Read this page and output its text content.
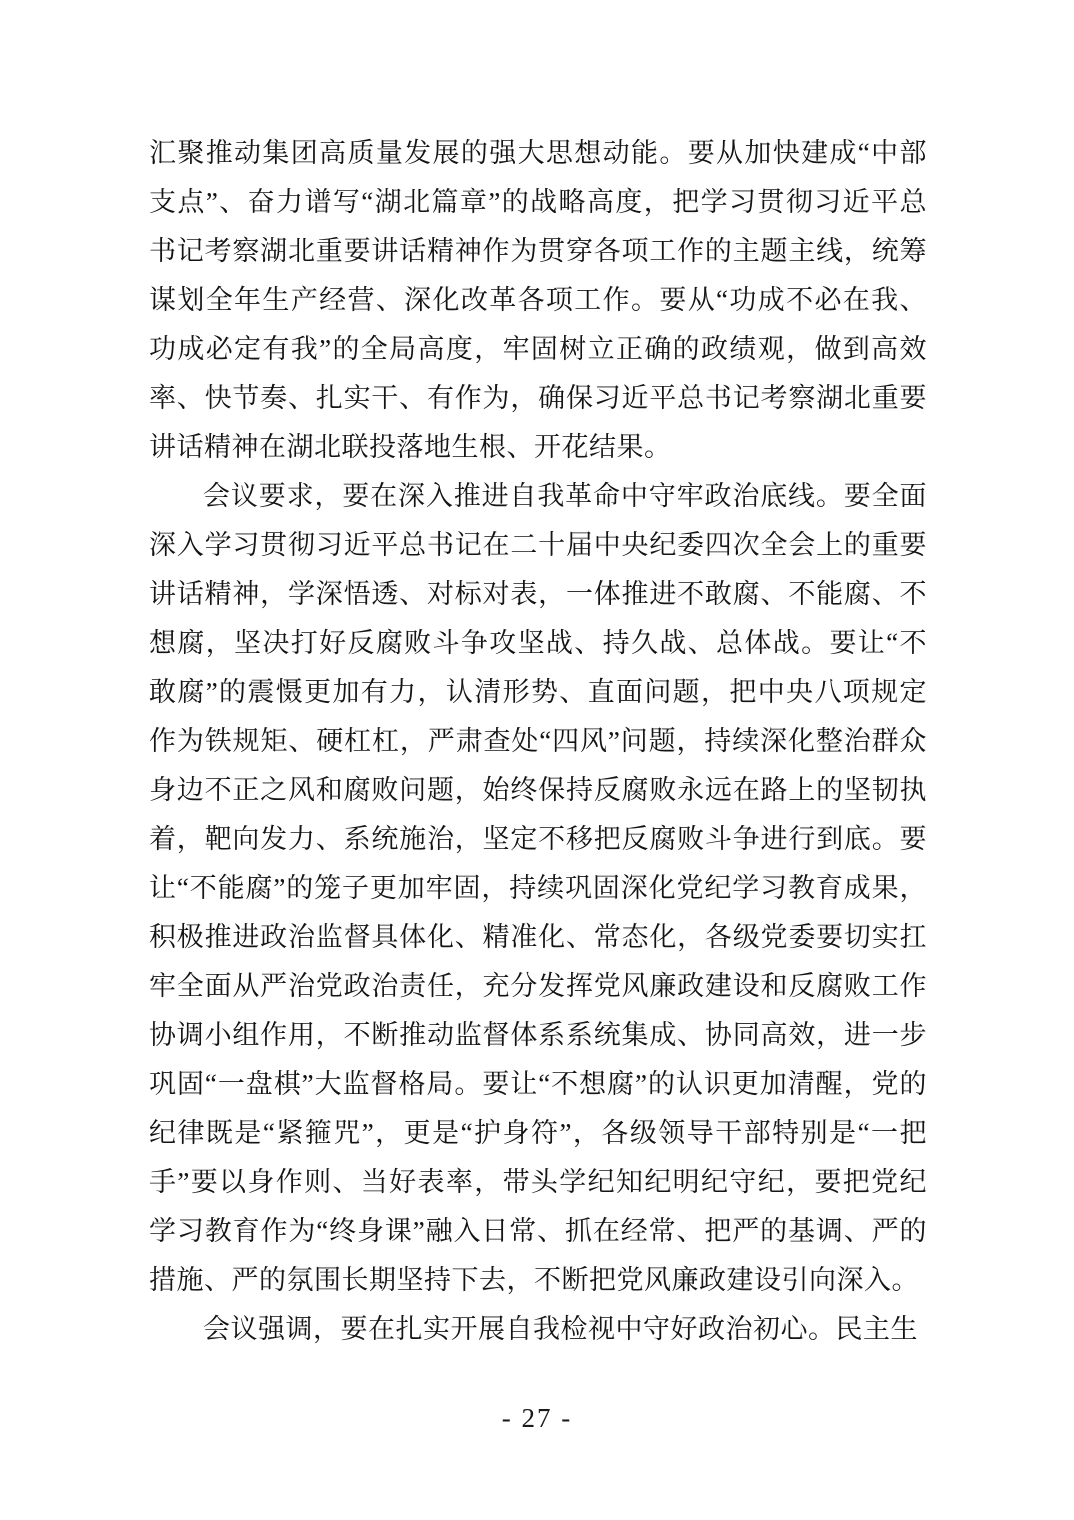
汇聚推动集团高质量发展的强大思想动能。要从加快建成“中部支点”、奋力谱写“湖北篇章”的战略高度，把学习贯彻习近平总书记考察湖北重要讲话精神作为贯穿各项工作的主题主线，统筹谋划全年生产经营、深化改革各项工作。要从“功成不必在我、功成必定有我”的全局高度，牢固树立正确的政绩观，做到高效率、快节奏、扎实干、有作为，确保习近平总书记考察湖北重要讲话精神在湖北联投落地生根、开花结果。

会议要求，要在深入推进自我革命中守牢政治底线。要全面深入学习贯彻习近平总书记在二十届中央纪委四次全会上的重要讲话精神，学深悟透、对标对表，一体推进不敢腐、不能腐、不想腐，坚决打好反腐败斗争攻坚战、持久战、总体战。要让“不敢腐”的震慑更加有力，认清形势、直面问题，把中央八项规定作为铁规矩、硬杠杠，严肃查处“四风”问题，持续深化整治群众身边不正之风和腐败问题，始终保持反腐败永远在路上的坚韧执着，靶向发力、系统施治，坚定不移把反腐败斗争进行到底。要让“不能腐”的笼子更加牢固，持续巩固深化党纪学习教育成果，积极推进政治监督具体化、精准化、常态化，各级党委要切实扛牢全面从严治党政治责任，充分发挥党风廉政建设和反腐败工作协调小组作用，不断推动监督体系系统集成、协同高效，进一步巩固“一盘棋”大监督格局。要让“不想腐”的认识更加清醒，党的纪律既是“紧箍咒”，更是“护身符”，各级领导干部特别是“一把手”要以身作则、当好表率，带头学纪知纪明纪守纪，要把党纪学习教育作为“终身课”融入日常、抓在经常、把严的基调、严的措施、严的氛围长期坚持下去，不断把党风廉政建设引向深入。

会议强调，要在扎实开展自我检视中守好政治初心。民主生

- 27 -
